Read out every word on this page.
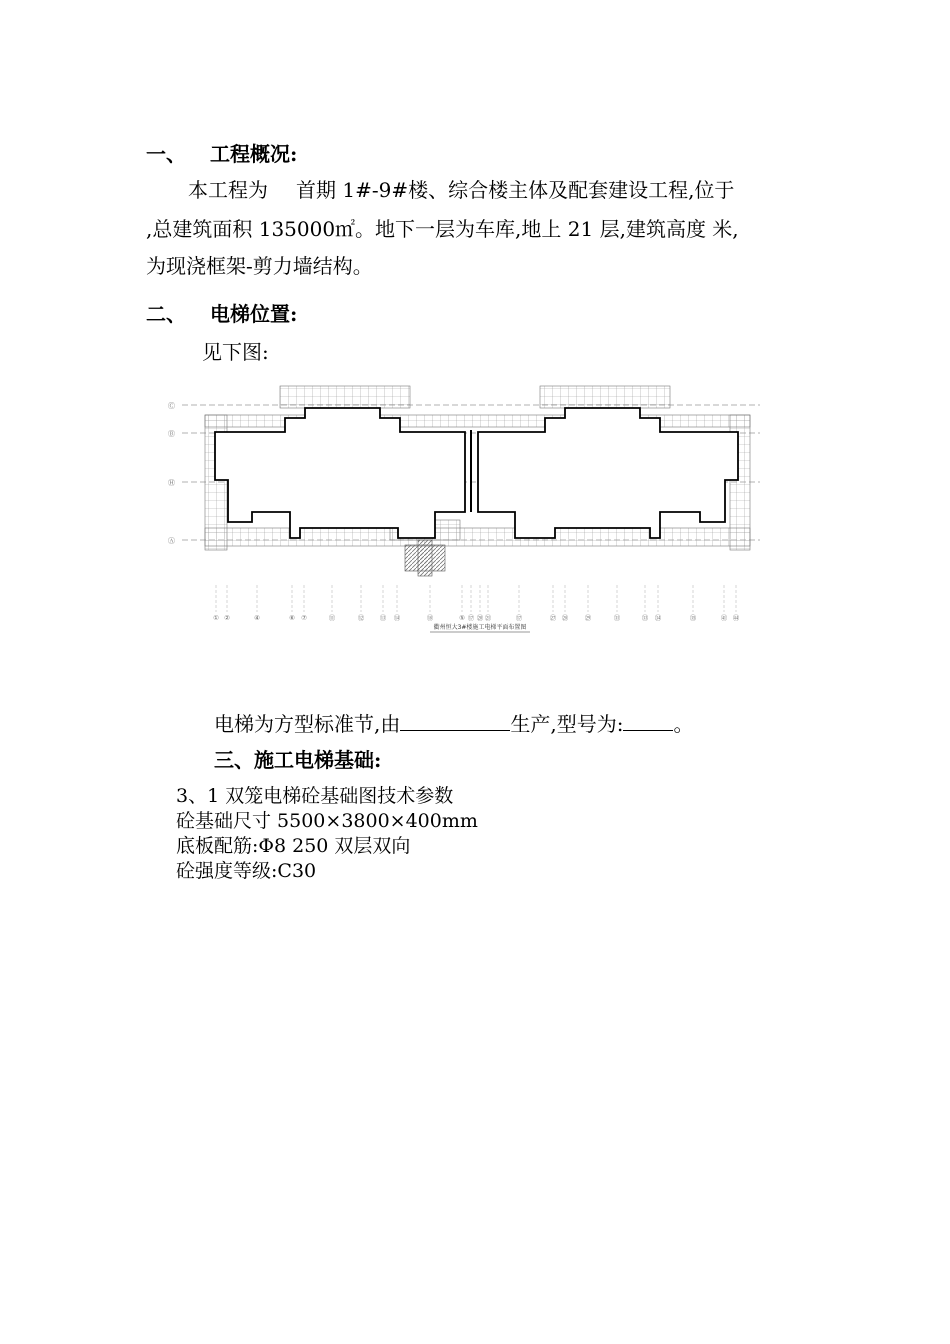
一、 工程概况:
本工程为 首期 1#-9#楼、综合楼主体及配套建设工程,位于
,总建筑面积 135000㎡。地下一层为车库,地上 21 层,建筑高度 米,
为现浇框架-剪力墙结构。
二、 电梯位置:
见下图:
Ⓒ
Ⓑ
Ⓗ
Ⓐ
① ②	④	⑥ ⑦	⑪	⑫ ⑬ ⑭	⑱	⑤ ⑰ ⑳ ㉑	⑰	㉗ ㉘	㉙	㉛	㉝ ㉞	㉟	㊶ ㊹
衢州恒大3#楼施工电梯平面布置图
电梯为方型标准节,由	生产,型号为:	。
三、施工电梯基础:
3、1 双笼电梯砼基础图技术参数
砼基础尺寸 5500×3800×400mm
底板配筋:Φ8 250 双层双向
砼强度等级:C30
